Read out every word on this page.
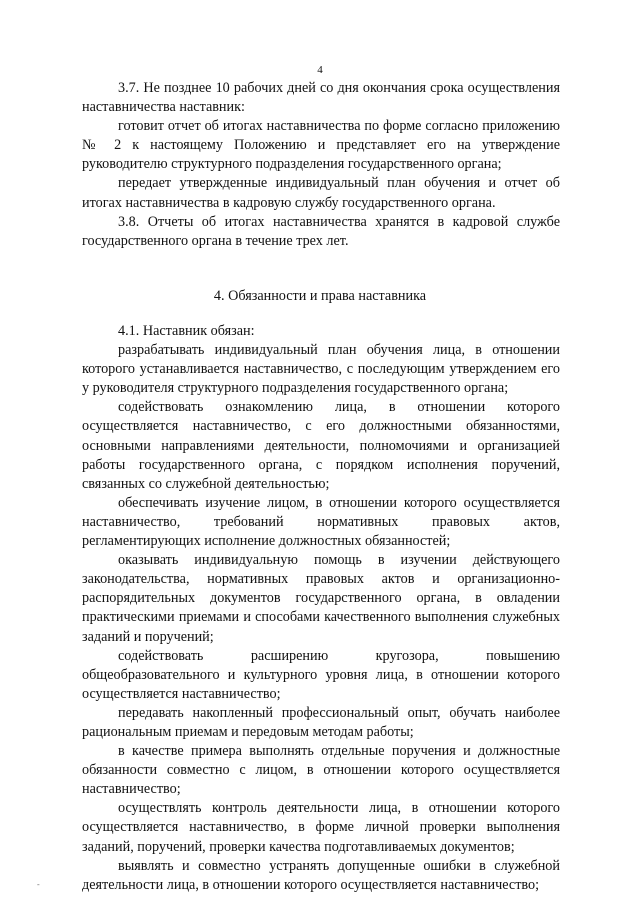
4

3.7. Не позднее 10 рабочих дней со дня окончания срока осуществления наставничества наставник:

готовит отчет об итогах наставничества по форме согласно приложению № 2 к настоящему Положению и представляет его на утверждение руководителю структурного подразделения государственного органа;

передает утвержденные индивидуальный план обучения и отчет об итогах наставничества в кадровую службу государственного органа.

3.8. Отчеты об итогах наставничества хранятся в кадровой службе государственного органа в течение трех лет.

4. Обязанности и права наставника

4.1. Наставник обязан:

разрабатывать индивидуальный план обучения лица, в отношении которого устанавливается наставничество, с последующим утверждением его у руководителя структурного подразделения государственного органа;

содействовать ознакомлению лица, в отношении которого осуществляется наставничество, с его должностными обязанностями, основными направлениями деятельности, полномочиями и организацией работы государственного органа, с порядком исполнения поручений, связанных со служебной деятельностью;

обеспечивать изучение лицом, в отношении которого осуществляется наставничество, требований нормативных правовых актов, регламентирующих исполнение должностных обязанностей;

оказывать индивидуальную помощь в изучении действующего законодательства, нормативных правовых актов и организационно-распорядительных документов государственного органа, в овладении практическими приемами и способами качественного выполнения служебных заданий и поручений;

содействовать расширению кругозора, повышению общеобразовательного и культурного уровня лица, в отношении которого осуществляется наставничество;

передавать накопленный профессиональный опыт, обучать наиболее рациональным приемам и передовым методам работы;

в качестве примера выполнять отдельные поручения и должностные обязанности совместно с лицом, в отношении которого осуществляется наставничество;

осуществлять контроль деятельности лица, в отношении которого осуществляется наставничество, в форме личной проверки выполнения заданий, поручений, проверки качества подготавливаемых документов;

выявлять и совместно устранять допущенные ошибки в служебной деятельности лица, в отношении которого осуществляется наставничество;

-
